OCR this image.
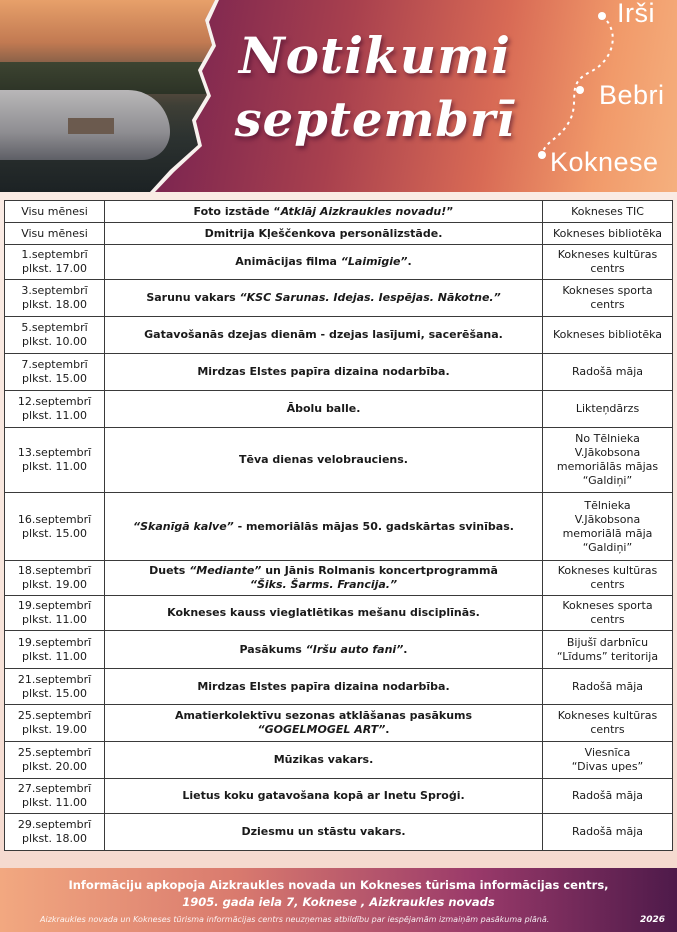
Notikumi
septembrī
Irši
Bebri
Koknese
Visu mēnesi	Foto izstāde “Atklāj Aizkraukles novadu!”	Kokneses TIC

Visu mēnesi	Dmitrija Kļeščenkova personālizstāde.	Kokneses bibliotēka

1.septembrī
plkst. 17.00	Animācijas filma “Laimīgie”.	Kokneses kultūras
centrs

3.septembrī
plkst. 18.00	Sarunu vakars “KSC Sarunas. Idejas. Iespējas. Nākotne.”	Kokneses sporta
centrs

5.septembrī
plkst. 10.00	Gatavošanās dzejas dienām - dzejas lasījumi, sacerēšana.	Kokneses bibliotēka

7.septembrī
plkst. 15.00	Mirdzas Elstes papīra dizaina nodarbība.	Radošā māja

12.septembrī
plkst. 11.00	Ābolu balle.	Likteņdārzs

13.septembrī
plkst. 11.00	Tēva dienas velobrauciens.	No Tēlnieka
V.Jākobsona
memoriālās mājas
“Galdiņi”

16.septembrī
plkst. 15.00	“Skanīgā kalve” - memoriālās mājas 50. gadskārtas svinības.	Tēlnieka
V.Jākobsona
memoriālā māja
“Galdiņi”

18.septembrī
plkst. 19.00	Duets “Mediante” un Jānis Rolmanis koncertprogrammā
“Šiks. Šarms. Francija.”	Kokneses kultūras
centrs

19.septembrī
plkst. 11.00	Kokneses kauss vieglatlētikas mešanu disciplīnās.	Kokneses sporta
centrs

19.septembrī
plkst. 11.00	Pasākums “Iršu auto fani”.	Bijušī darbnīcu
“Līdums” teritorija

21.septembrī
plkst. 15.00	Mirdzas Elstes papīra dizaina nodarbība.	Radošā māja

25.septembrī
plkst. 19.00	Amatierkolektīvu sezonas atklāšanas pasākums
“GOGELMOGEL ART”.	Kokneses kultūras
centrs

25.septembrī
plkst. 20.00	Mūzikas vakars.	Viesnīca
“Divas upes”

27.septembrī
plkst. 11.00	Lietus koku gatavošana kopā ar Inetu Sproģi.	Radošā māja

29.septembrī
plkst. 18.00	Dziesmu un stāstu vakars.	Radošā māja
Informāciju apkopoja Aizkraukles novada un Kokneses tūrisma informācijas centrs,
1905. gada iela 7, Koknese , Aizkraukles novads
Aizkraukles novada un Kokneses tūrisma informācijas centrs neuzņemas atbildību par iespējamām izmaiņām pasākuma plānā.	2026
